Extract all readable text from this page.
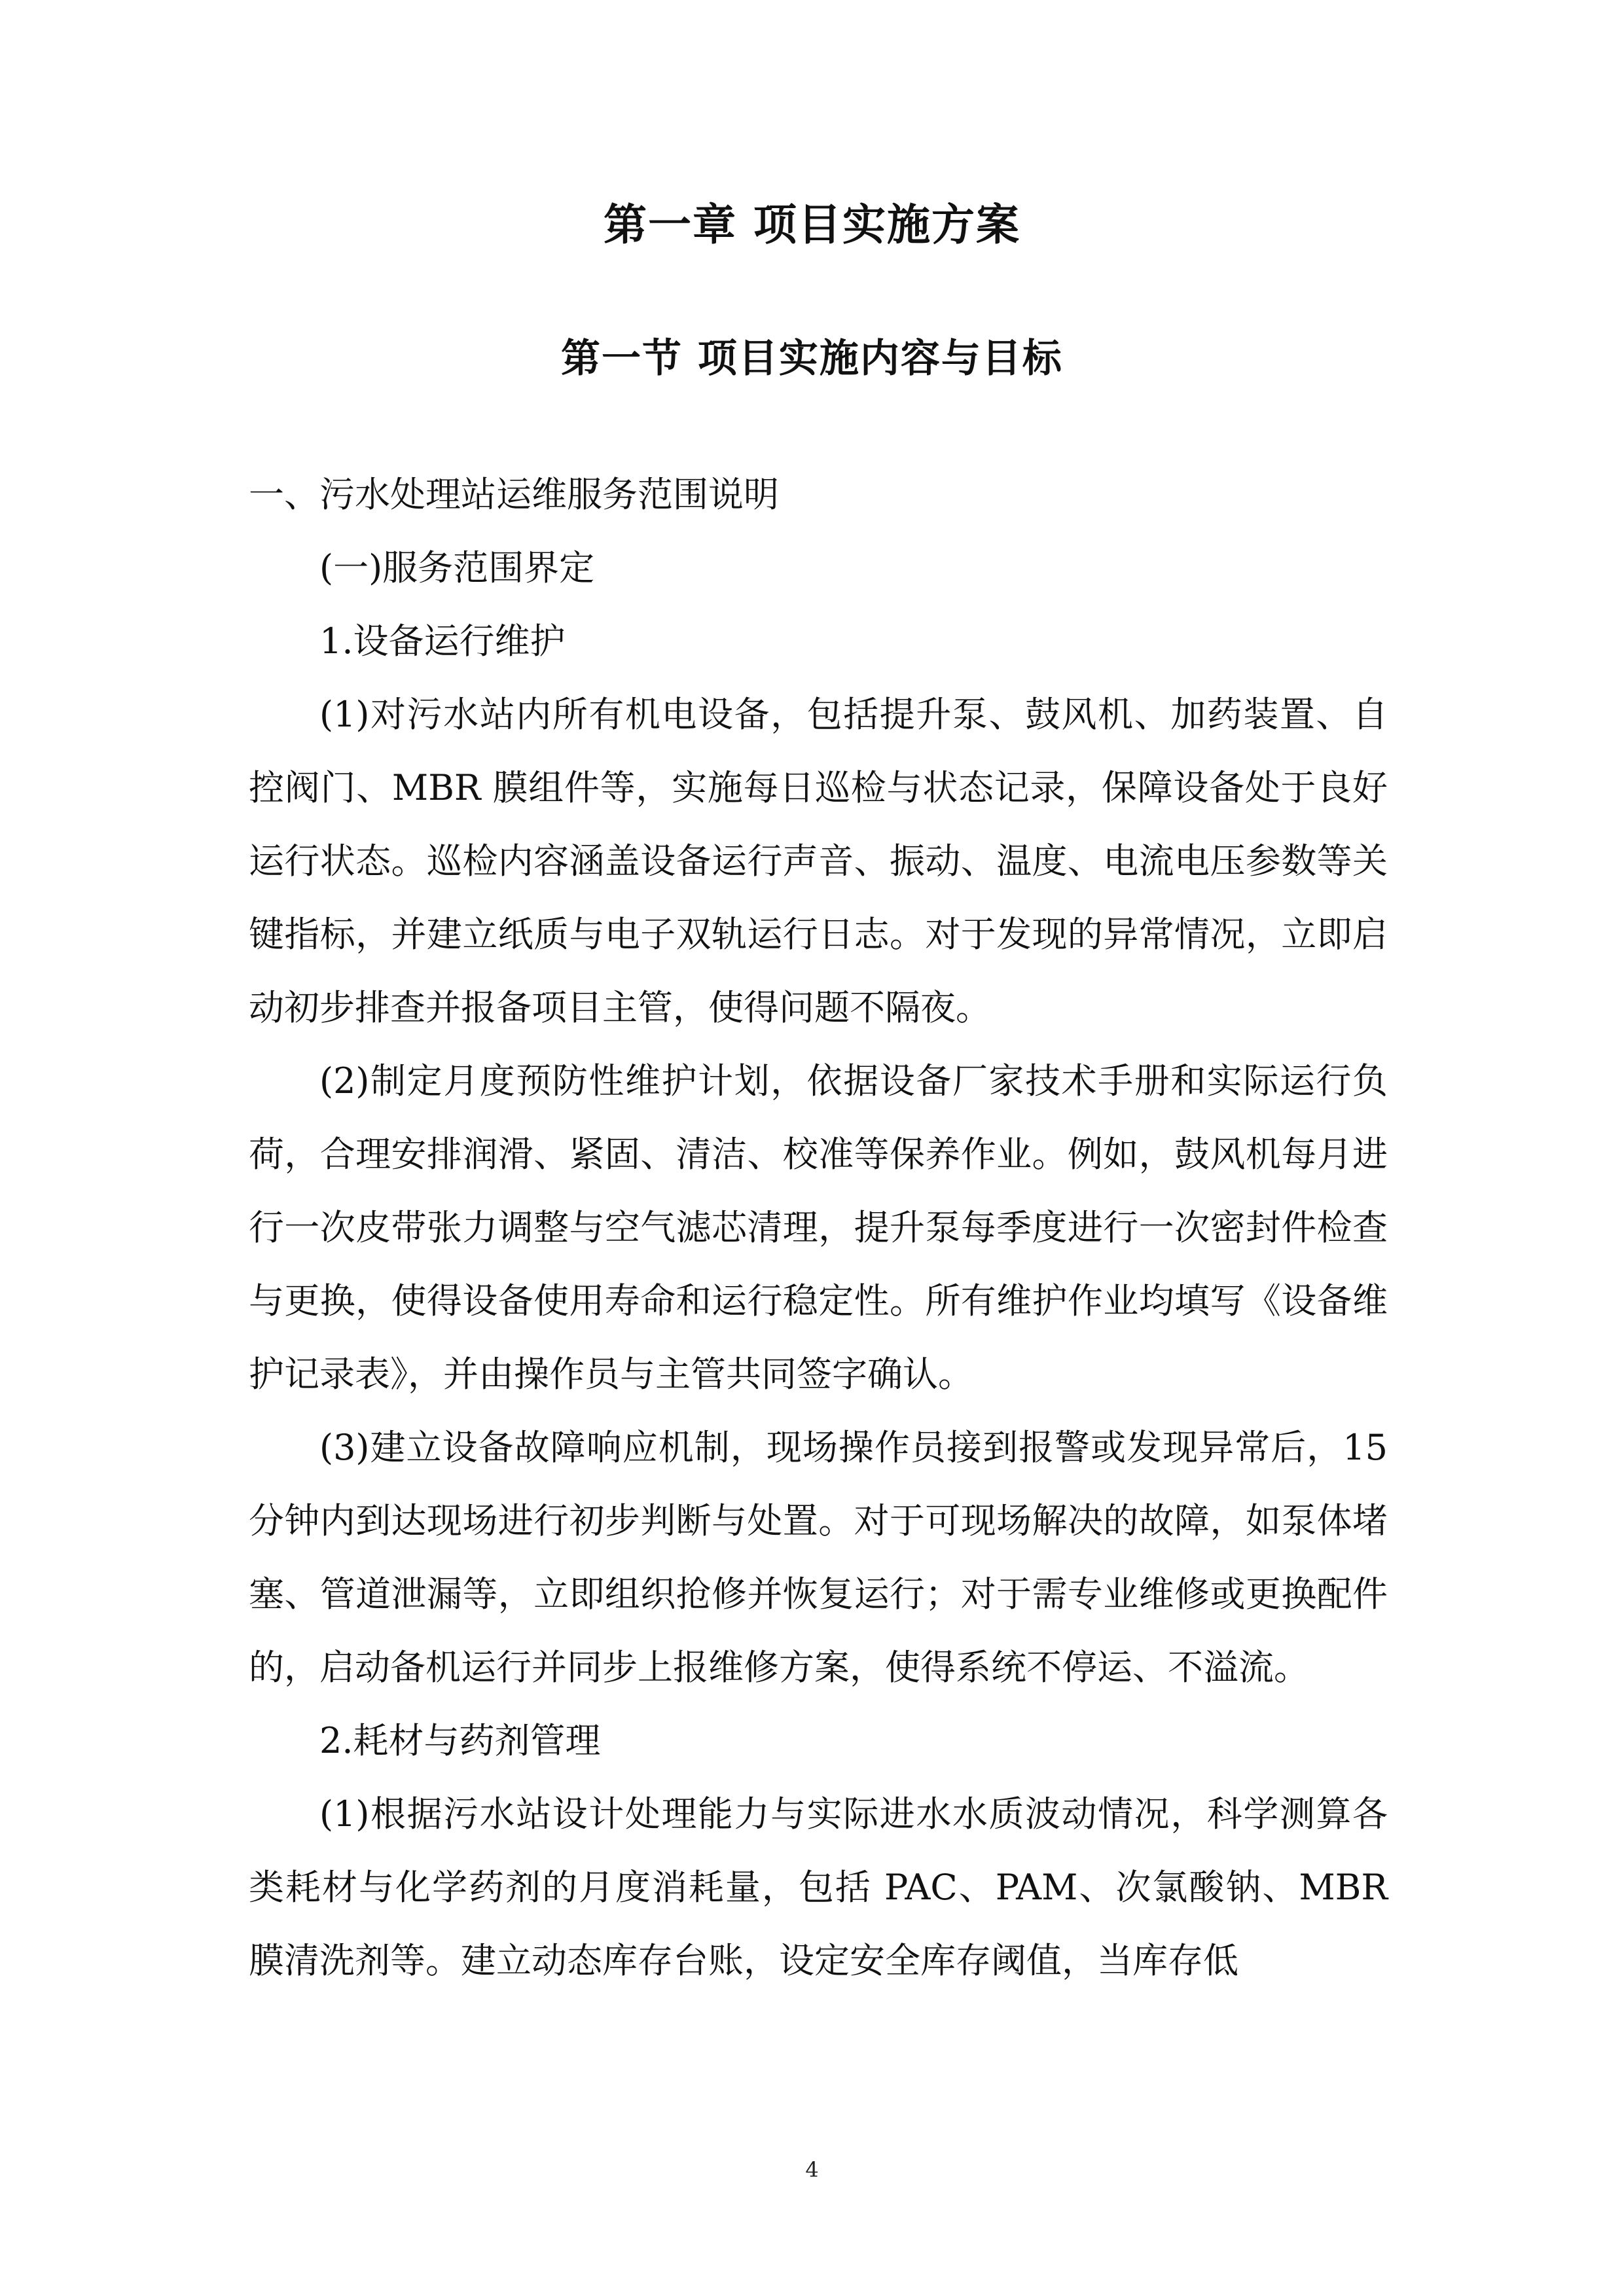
第一章 项目实施方案
第一节 项目实施内容与目标

一、污水处理站运维服务范围说明

(一)服务范围界定

1.设备运行维护

(1)对污水站内所有机电设备，包括提升泵、鼓风机、加药装置、自控阀门、MBR 膜组件等，实施每日巡检与状态记录，保障设备处于良好运行状态。巡检内容涵盖设备运行声音、振动、温度、电流电压参数等关键指标，并建立纸质与电子双轨运行日志。对于发现的异常情况，立即启动初步排查并报备项目主管，使得问题不隔夜。

(2)制定月度预防性维护计划，依据设备厂家技术手册和实际运行负荷，合理安排润滑、紧固、清洁、校准等保养作业。例如，鼓风机每月进行一次皮带张力调整与空气滤芯清理，提升泵每季度进行一次密封件检查与更换，使得设备使用寿命和运行稳定性。所有维护作业均填写《设备维护记录表》，并由操作员与主管共同签字确认。

(3)建立设备故障响应机制，现场操作员接到报警或发现异常后，15 分钟内到达现场进行初步判断与处置。对于可现场解决的故障，如泵体堵塞、管道泄漏等，立即组织抢修并恢复运行；对于需专业维修或更换配件的，启动备机运行并同步上报维修方案，使得系统不停运、不溢流。

2.耗材与药剂管理

(1)根据污水站设计处理能力与实际进水水质波动情况，科学测算各类耗材与化学药剂的月度消耗量，包括 PAC、PAM、次氯酸钠、MBR 膜清洗剂等。建立动态库存台账，设定安全库存阈值，当库存低

4
